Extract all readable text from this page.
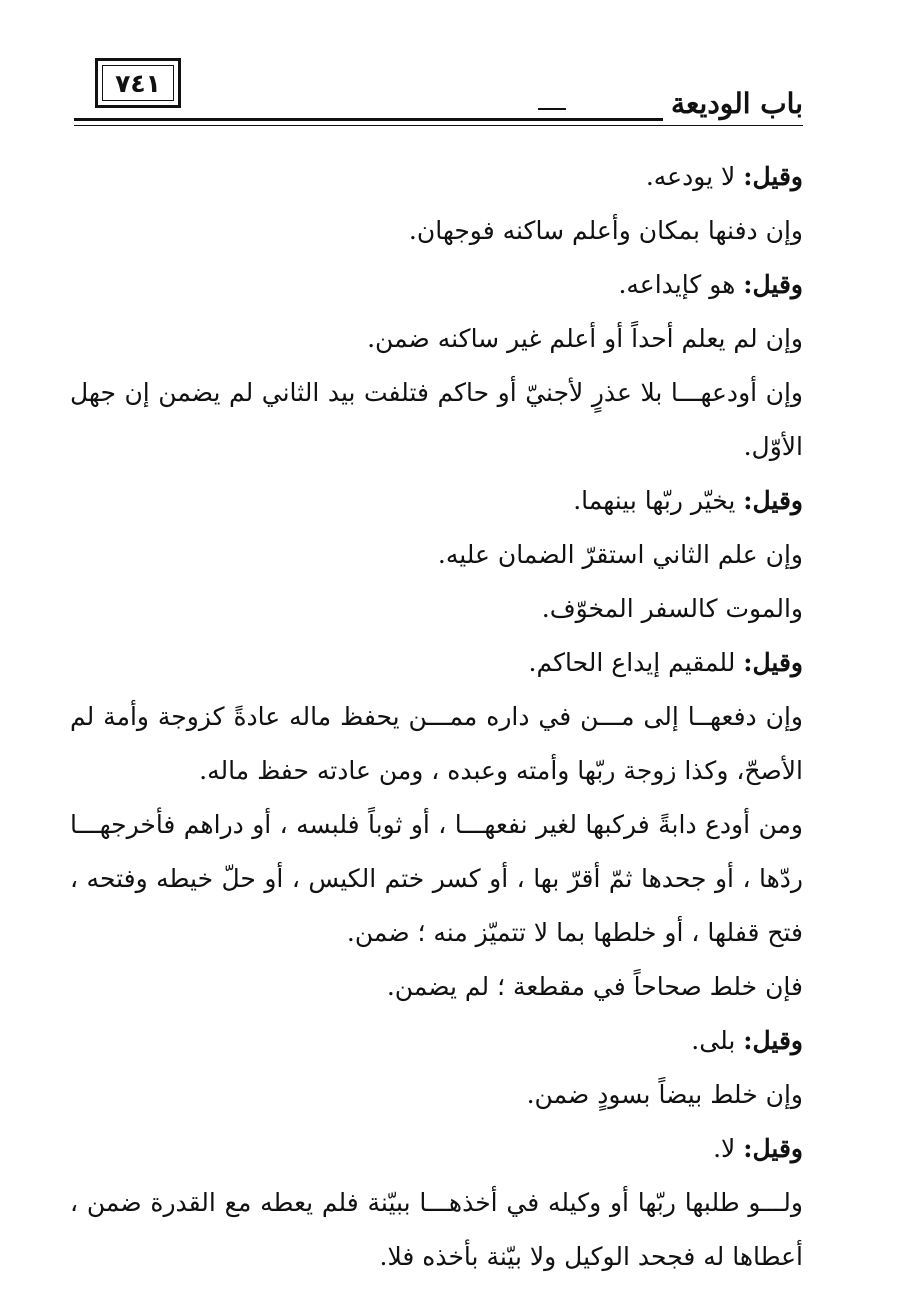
٧٤١
باب الوديعة

وقيل: لا يودعه.

وإن دفنها بمكان وأعلم ساكنه فوجهان.

وقيل: هو كإيداعه.

وإن لم يعلم أحداً أو أعلم غير ساكنه ضمن.

وإن أودعهـــا بلا عذرٍ لأجنيّ أو حاكم فتلفت بيد الثاني لم يضمن إن جهل
الأوّل.

وقيل: يخيّر ربّها بينهما.

وإن علم الثاني استقرّ الضمان عليه.

والموت كالسفر المخوّف.

وقيل: للمقيم إيداع الحاكم.

وإن دفعهــا إلى مـــن في داره ممـــن يحفظ ماله عادةً كزوجة وأمة لم
الأصحّ، وكذا زوجة ربّها وأمته وعبده ، ومن عادته حفظ ماله.

ومن أودع دابةً فركبها لغير نفعهـــا ، أو ثوباً فلبسه ، أو دراهم فأخرجهـــا
ردّها ، أو جحدها ثمّ أقرّ بها ، أو كسر ختم الكيس ، أو حلّ خيطه وفتحه ،
فتح قفلها ، أو خلطها بما لا تتميّز منه ؛ ضمن.

فإن خلط صحاحاً في مقطعة ؛ لم يضمن.

وقيل: بلى.

وإن خلط بيضاً بسودٍ ضمن.

وقيل: لا.

ولـــو طلبها ربّها أو وكيله في أخذهـــا ببيّنة فلم يعطه مع القدرة ضمن ،
أعطاها له فجحد الوكيل ولا بيّنة بأخذه فلا.
